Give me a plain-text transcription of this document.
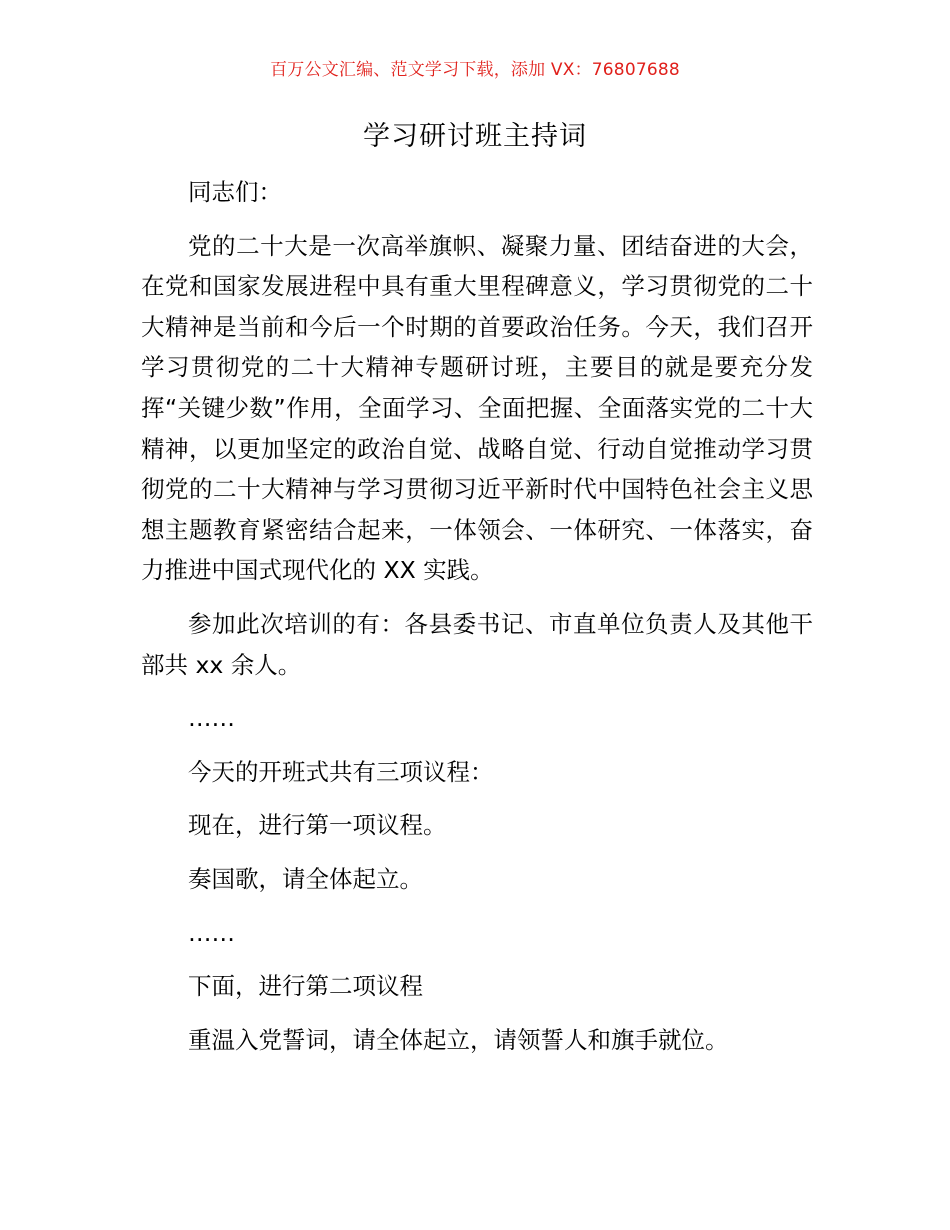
百万公文汇编、范文学习下载，添加 VX：76807688
学习研讨班主持词

同志们：

党的二十大是一次高举旗帜、凝聚力量、团结奋进的大会，在党和国家发展进程中具有重大里程碑意义，学习贯彻党的二十大精神是当前和今后一个时期的首要政治任务。今天，我们召开学习贯彻党的二十大精神专题研讨班，主要目的就是要充分发挥“关键少数”作用，全面学习、全面把握、全面落实党的二十大精神，以更加坚定的政治自觉、战略自觉、行动自觉推动学习贯彻党的二十大精神与学习贯彻习近平新时代中国特色社会主义思想主题教育紧密结合起来，一体领会、一体研究、一体落实，奋力推进中国式现代化的 XX 实践。

参加此次培训的有：各县委书记、市直单位负责人及其他干部共 xx 余人。

……

今天的开班式共有三项议程：

现在，进行第一项议程。

奏国歌，请全体起立。

……

下面，进行第二项议程

重温入党誓词，请全体起立，请领誓人和旗手就位。
